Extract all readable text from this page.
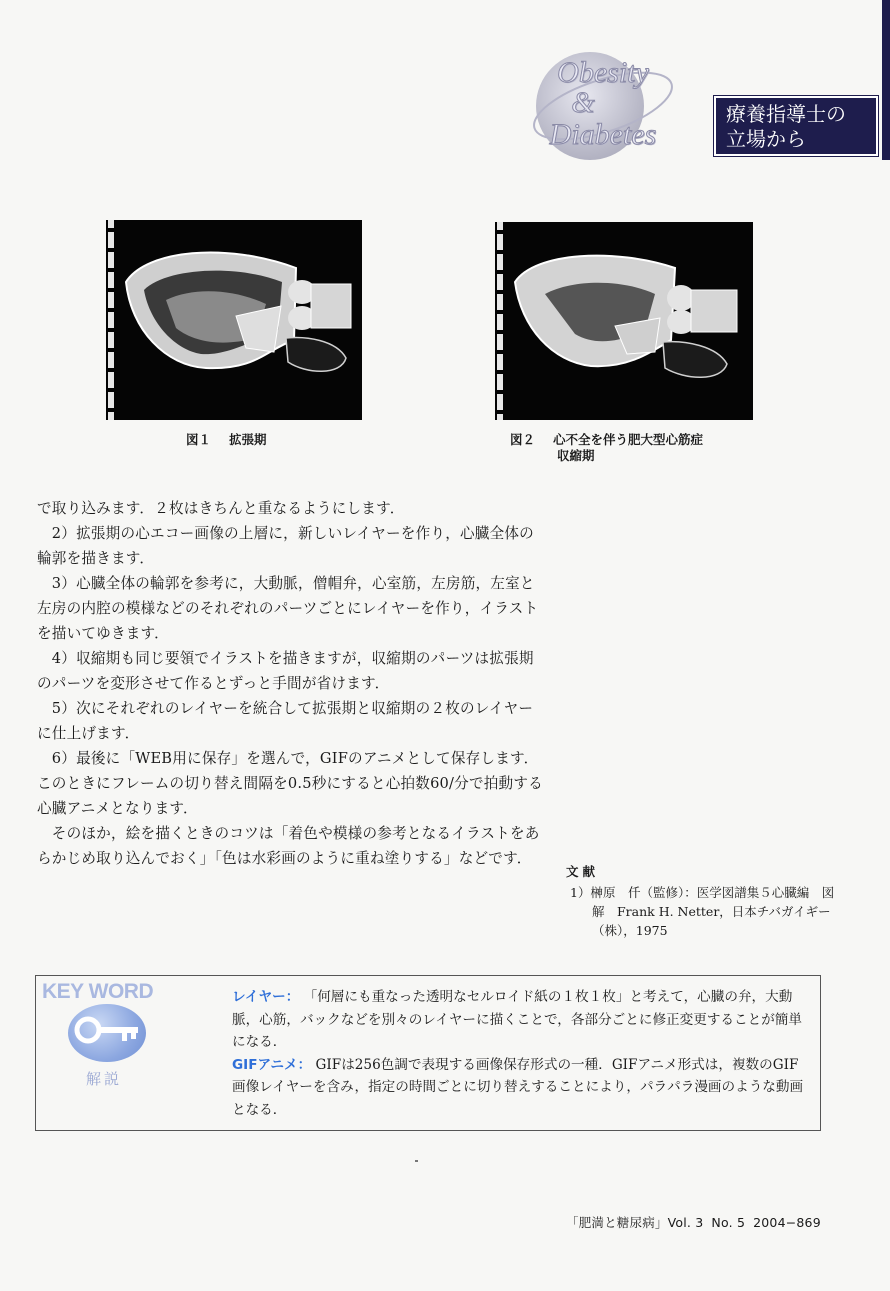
Obesity
&
Diabetes
療養指導士の
立場から
図１ 拡張期	図２ 心不全を伴う肥大型心筋症
収縮期

で取り込みます．２枚はきちんと重なるようにします．

　2）拡張期の心エコー画像の上層に，新しいレイヤーを作り，心臓全体の輪郭を描きます．

　3）心臓全体の輪郭を参考に，大動脈，僧帽弁，心室筋，左房筋，左室と左房の内腔の模様などのそれぞれのパーツごとにレイヤーを作り，イラストを描いてゆきます．

　4）収縮期も同じ要領でイラストを描きますが，収縮期のパーツは拡張期のパーツを変形させて作るとずっと手間が省けます．

　5）次にそれぞれのレイヤーを統合して拡張期と収縮期の２枚のレイヤーに仕上げます．

　6）最後に「WEB用に保存」を選んで，GIFのアニメとして保存します．このときにフレームの切り替え間隔を0.5秒にすると心拍数60/分で拍動する心臓アニメとなります．

　そのほか，絵を描くときのコツは「着色や模様の参考となるイラストをあらかじめ取り込んでおく」「色は水彩画のように重ね塗りする」などです．

文献
1）榊原　仟（監修）：医学図譜集５心臓編　図解　Frank H. Netter，日本チバガイギー（株），1975
KEY WORD
解説

レイヤー： 「何層にも重なった透明なセルロイド紙の１枚１枚」と考えて，心臓の弁，大動脈，心筋，バックなどを別々のレイヤーに描くことで，各部分ごとに修正変更することが簡単になる．

GIFアニメ： GIFは256色調で表現する画像保存形式の一種．GIFアニメ形式は，複数のGIF画像レイヤーを含み，指定の時間ごとに切り替えすることにより，パラパラ漫画のような動画となる．

「肥満と糖尿病」Vol. 3 No. 5 2004−869
